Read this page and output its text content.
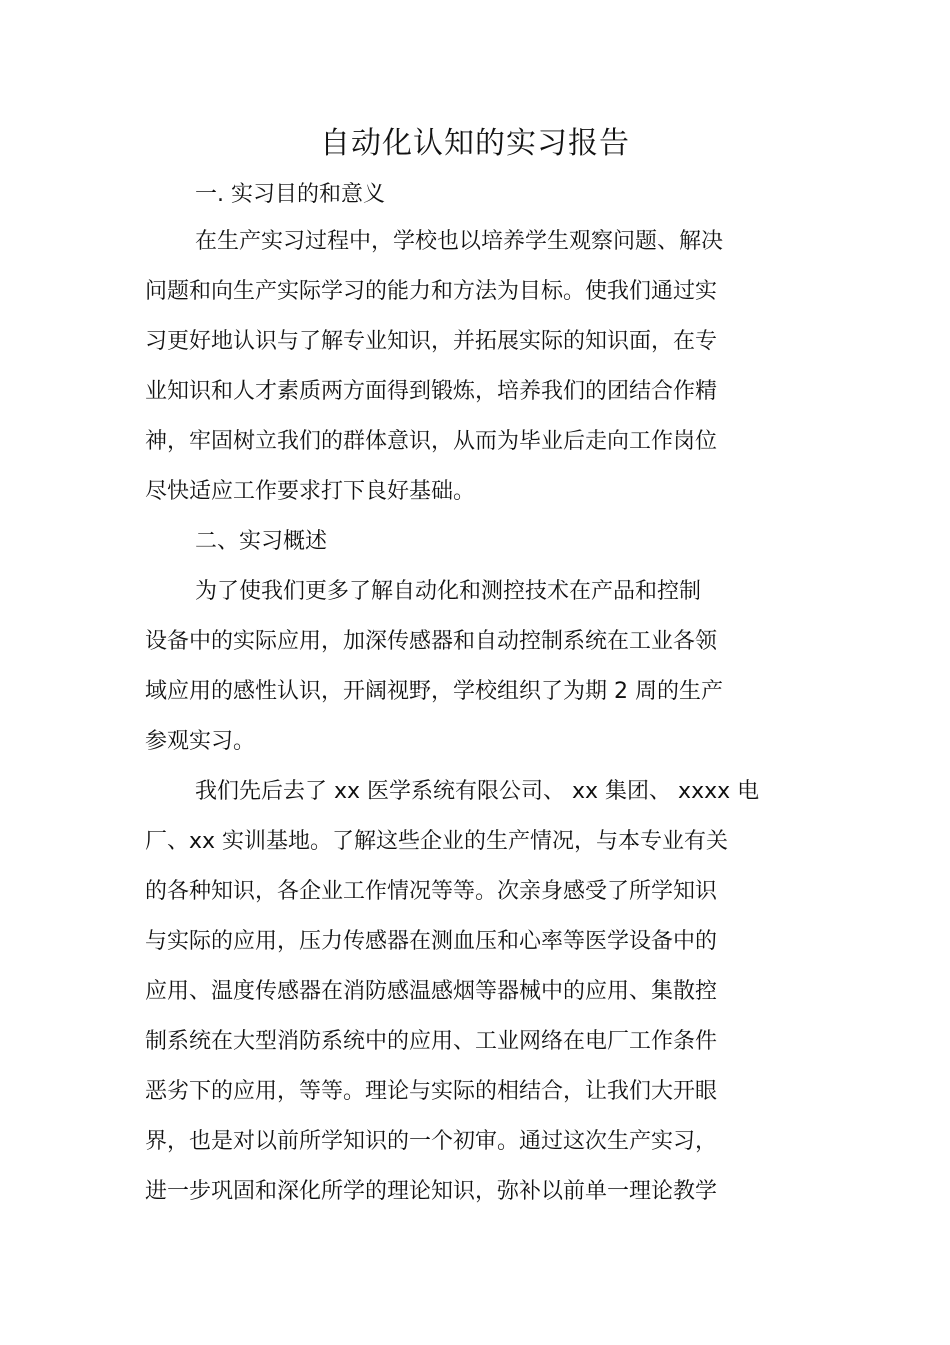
自动化认知的实习报告
一. 实习目的和意义
在生产实习过程中，学校也以培养学生观察问题、解决
问题和向生产实际学习的能力和方法为目标。使我们通过实
习更好地认识与了解专业知识，并拓展实际的知识面，在专
业知识和人才素质两方面得到锻炼，培养我们的团结合作精
神，牢固树立我们的群体意识，从而为毕业后走向工作岗位
尽快适应工作要求打下良好基础。
二、实习概述
为了使我们更多了解自动化和测控技术在产品和控制
设备中的实际应用，加深传感器和自动控制系统在工业各领
域应用的感性认识，开阔视野，学校组织了为期 2 周的生产
参观实习。
我们先后去了 xx 医学系统有限公司、 xx 集团、 xxxx 电
厂、xx 实训基地。了解这些企业的生产情况，与本专业有关
的各种知识，各企业工作情况等等。次亲身感受了所学知识
与实际的应用，压力传感器在测血压和心率等医学设备中的
应用、温度传感器在消防感温感烟等器械中的应用、集散控
制系统在大型消防系统中的应用、工业网络在电厂工作条件
恶劣下的应用，等等。理论与实际的相结合，让我们大开眼
界，也是对以前所学知识的一个初审。通过这次生产实习，
进一步巩固和深化所学的理论知识，弥补以前单一理论教学
